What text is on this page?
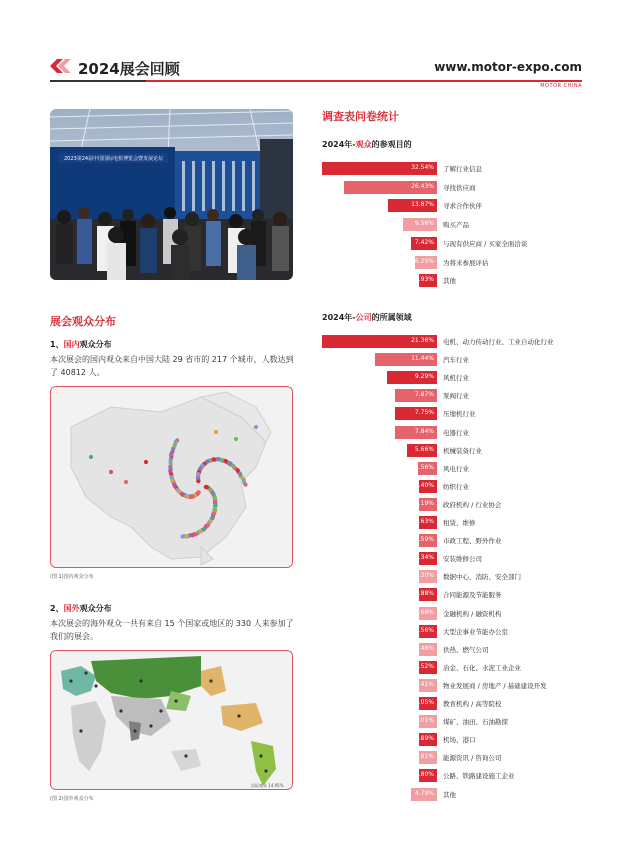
2024展会回顾	www.motor-expo.com
MOTOR CHINA
2023第24届中国国际电机博览会暨发展论坛
展会观众分布
1、国内观众分布
本次展会的国内观众来自中国大陆 29 省市的 217 个城市，人数达到了 40812 人。
(图 1)国内观众分布
2、国外观众分布
本次展会的海外观众一共有来自 15 个国家或地区的 330 人来参加了我们的展会。
国际观众 14.95%
(图 2)国外观众分布
调查表问卷统计
2024年-观众的参观目的
32.54% 了解行业信息
26.43% 寻找供应商
13.87% 寻求合作伙伴
9.56% 购买产品
7.42% 与现有供应商 / 买家全面洽谈
6.25% 为将来参展评估
3.93% 其他
2024年-公司的所属领域
21.36% 电机、动力传动行业、工业自动化行业
11.44% 汽车行业
9.29% 风机行业
7.87% 泵阀行业
7.75% 压缩机行业
7.84% 电器行业
5.66% 机械装备行业
3.56% 风电行业
3.40% 纺织行业
3.19% 政府机构 / 行业协会
2.63% 租赁、维修
2.59% 市政工程、野外作业
2.34% 安装维修公司
2.30% 数据中心、消防、安全部门
1.88% 合同能源及节能服务
1.68% 金融机构 / 融资机构
1.56% 大型企事业节能办公室
1.48% 供热、燃气公司
1.52% 冶金、石化、水泥工业企业
1.41% 物业发展商 / 房地产 / 基础建设开发
1.05% 教育机构 / 高等院校
1.01% 煤矿、油田、石油勘探
0.89% 机场、港口
0.81% 能源资讯 / 咨询公司
0.80% 公路、铁路建设施工企业
4.79% 其他
